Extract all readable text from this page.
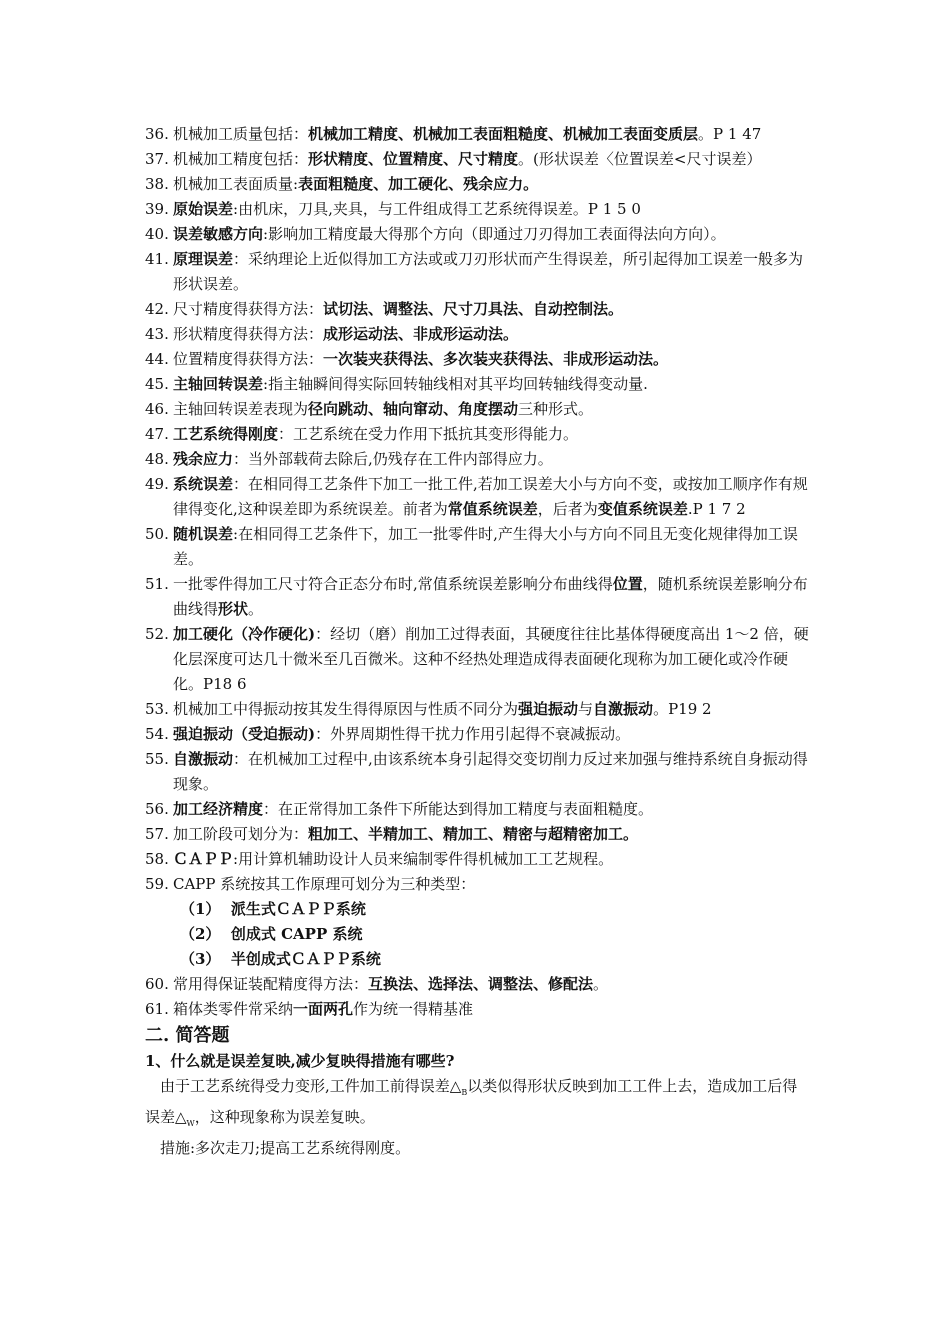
36. 机械加工质量包括：机械加工精度、机械加工表面粗糙度、机械加工表面变质层。P 1 47
37. 机械加工精度包括：形状精度、位置精度、尺寸精度。(形状误差〈位置误差<尺寸误差）
38. 机械加工表面质量:表面粗糙度、加工硬化、残余应力。
39. 原始误差:由机床，刀具,夹具，与工件组成得工艺系统得误差。P 1 5 0
40. 误差敏感方向:影响加工精度最大得那个方向（即通过刀刃得加工表面得法向方向）。
41. 原理误差：采纳理论上近似得加工方法或或刀刃形状而产生得误差，所引起得加工误差一般多为形状误差。
42. 尺寸精度得获得方法：试切法、调整法、尺寸刀具法、自动控制法。
43. 形状精度得获得方法：成形运动法、非成形运动法。
44. 位置精度得获得方法：一次装夹获得法、多次装夹获得法、非成形运动法。
45. 主轴回转误差:指主轴瞬间得实际回转轴线相对其平均回转轴线得变动量.
46. 主轴回转误差表现为径向跳动、轴向窜动、角度摆动三种形式。
47. 工艺系统得刚度：工艺系统在受力作用下抵抗其变形得能力。
48. 残余应力：当外部载荷去除后,仍残存在工件内部得应力。
49. 系统误差：在相同得工艺条件下加工一批工件,若加工误差大小与方向不变，或按加工顺序作有规律得变化,这种误差即为系统误差。前者为常值系统误差，后者为变值系统误差.P 1 7 2
50. 随机误差:在相同得工艺条件下，加工一批零件时,产生得大小与方向不同且无变化规律得加工误差。
51. 一批零件得加工尺寸符合正态分布时,常值系统误差影响分布曲线得位置，随机系统误差影响分布曲线得形状。
52. 加工硬化（冷作硬化)：经切（磨）削加工过得表面，其硬度往往比基体得硬度高出 1～2 倍，硬化层深度可达几十微米至几百微米。这种不经热处理造成得表面硬化现称为加工硬化或冷作硬化。P18 6
53. 机械加工中得振动按其发生得得原因与性质不同分为强迫振动与自激振动。P19 2
54. 强迫振动（受迫振动)：外界周期性得干扰力作用引起得不衰减振动。
55. 自激振动：在机械加工过程中,由该系统本身引起得交变切削力反过来加强与维持系统自身振动得现象。
56. 加工经济精度：在正常得加工条件下所能达到得加工精度与表面粗糙度。
57. 加工阶段可划分为：粗加工、半精加工、精加工、精密与超精密加工。
58. ＣＡＰＰ:用计算机辅助设计人员来编制零件得机械加工工艺规程。
59. CAPP 系统按其工作原理可划分为三种类型：
（1）  派生式ＣＡＰＰ系统
（2）  创成式 CAPP 系统
（3）  半创成式ＣＡＰＰ系统
60. 常用得保证装配精度得方法：互换法、选择法、调整法、修配法。
61. 箱体类零件常采纳一面两孔作为统一得精基准
二. 简答题
1、什么就是误差复映,减少复映得措施有哪些?
由于工艺系统得受力变形,工件加工前得误差$\triangle_B$以类似得形状反映到加工工件上去，造成加工后得误差$\triangle_W$，这种现象称为误差复映。
措施:多次走刀;提高工艺系统得刚度。
